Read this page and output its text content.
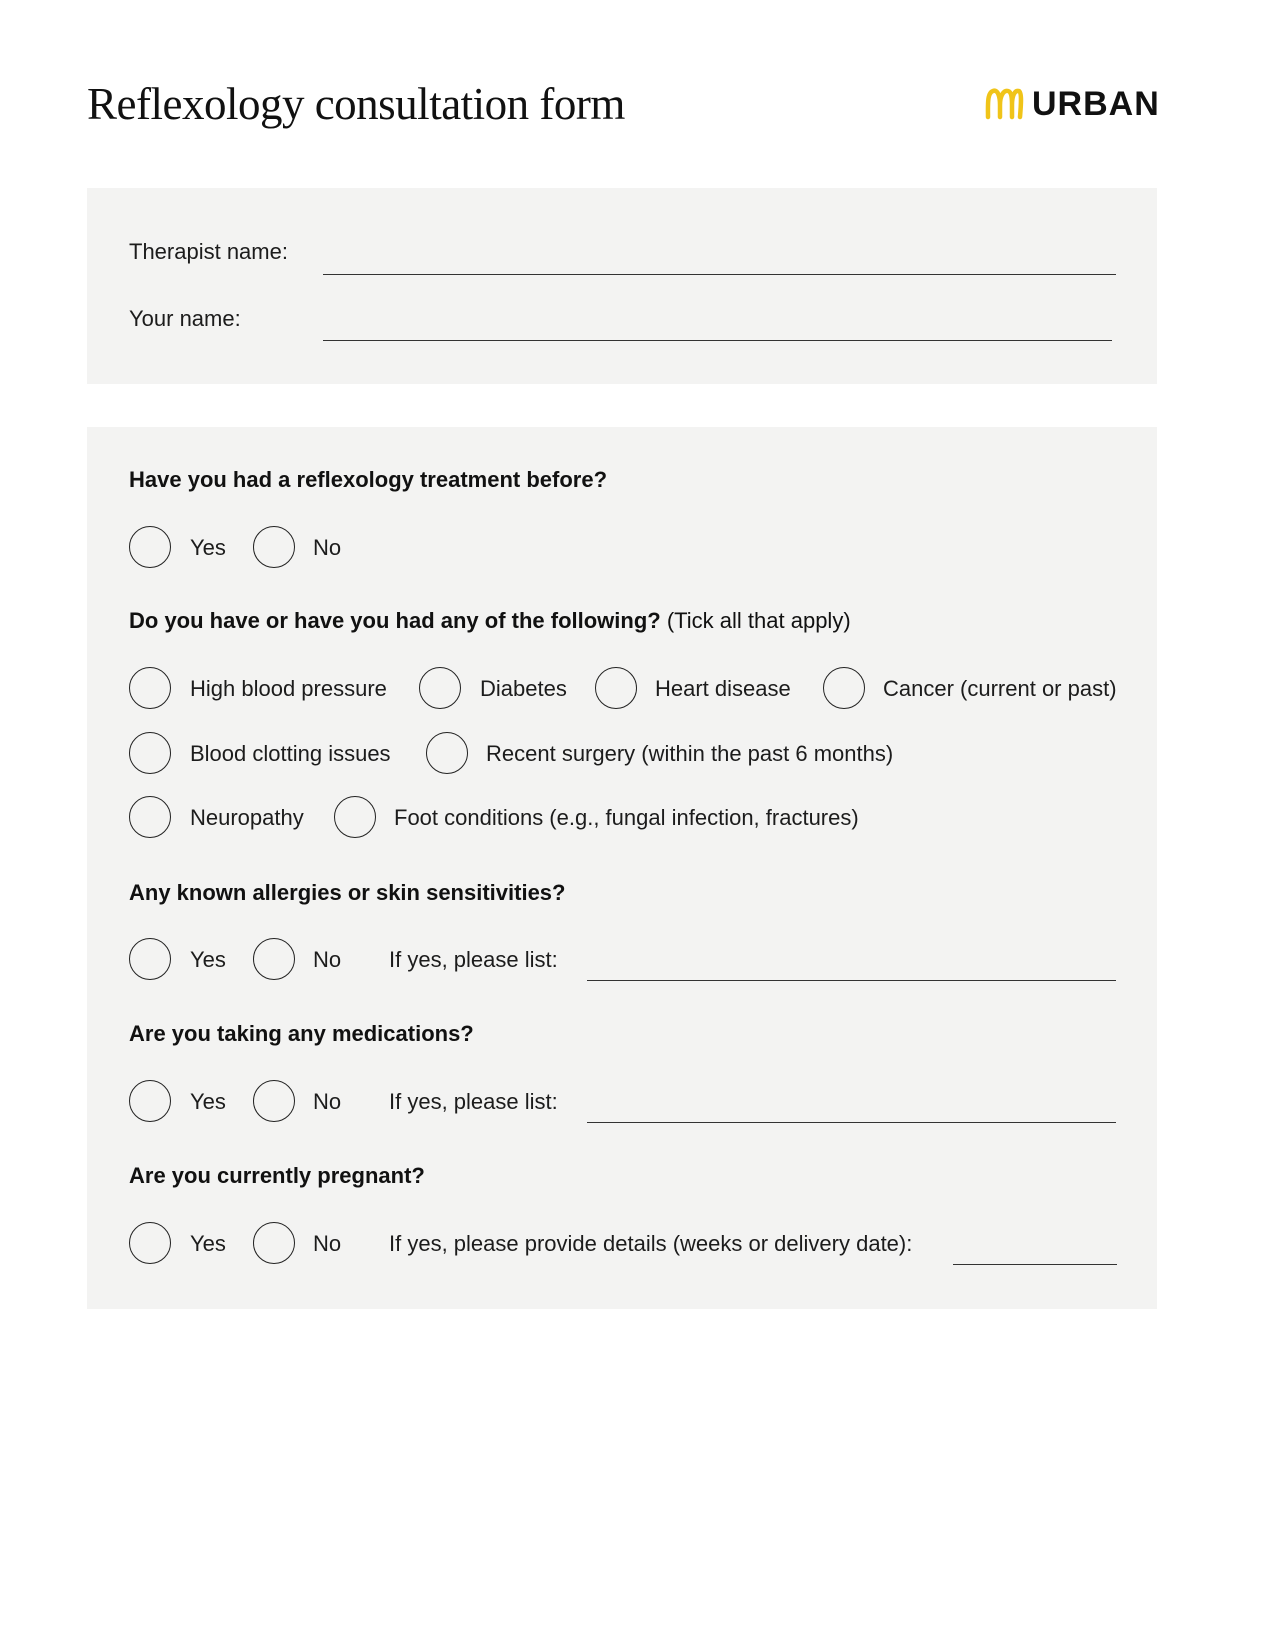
Reflexology consultation form	URBAN
Therapist name:
Your name:
Have you had a reflexology treatment before?
Yes	No
Do you have or have you had any of the following? (Tick all that apply)
High blood pressure	Diabetes	Heart disease	Cancer (current or past)
Blood clotting issues	Recent surgery (within the past 6 months)
Neuropathy	Foot conditions (e.g., fungal infection, fractures)
Any known allergies or skin sensitivities?
Yes	No If yes, please list:
Are you taking any medications?
Yes	No If yes, please list:
Are you currently pregnant?
Yes	No If yes, please provide details (weeks or delivery date):
